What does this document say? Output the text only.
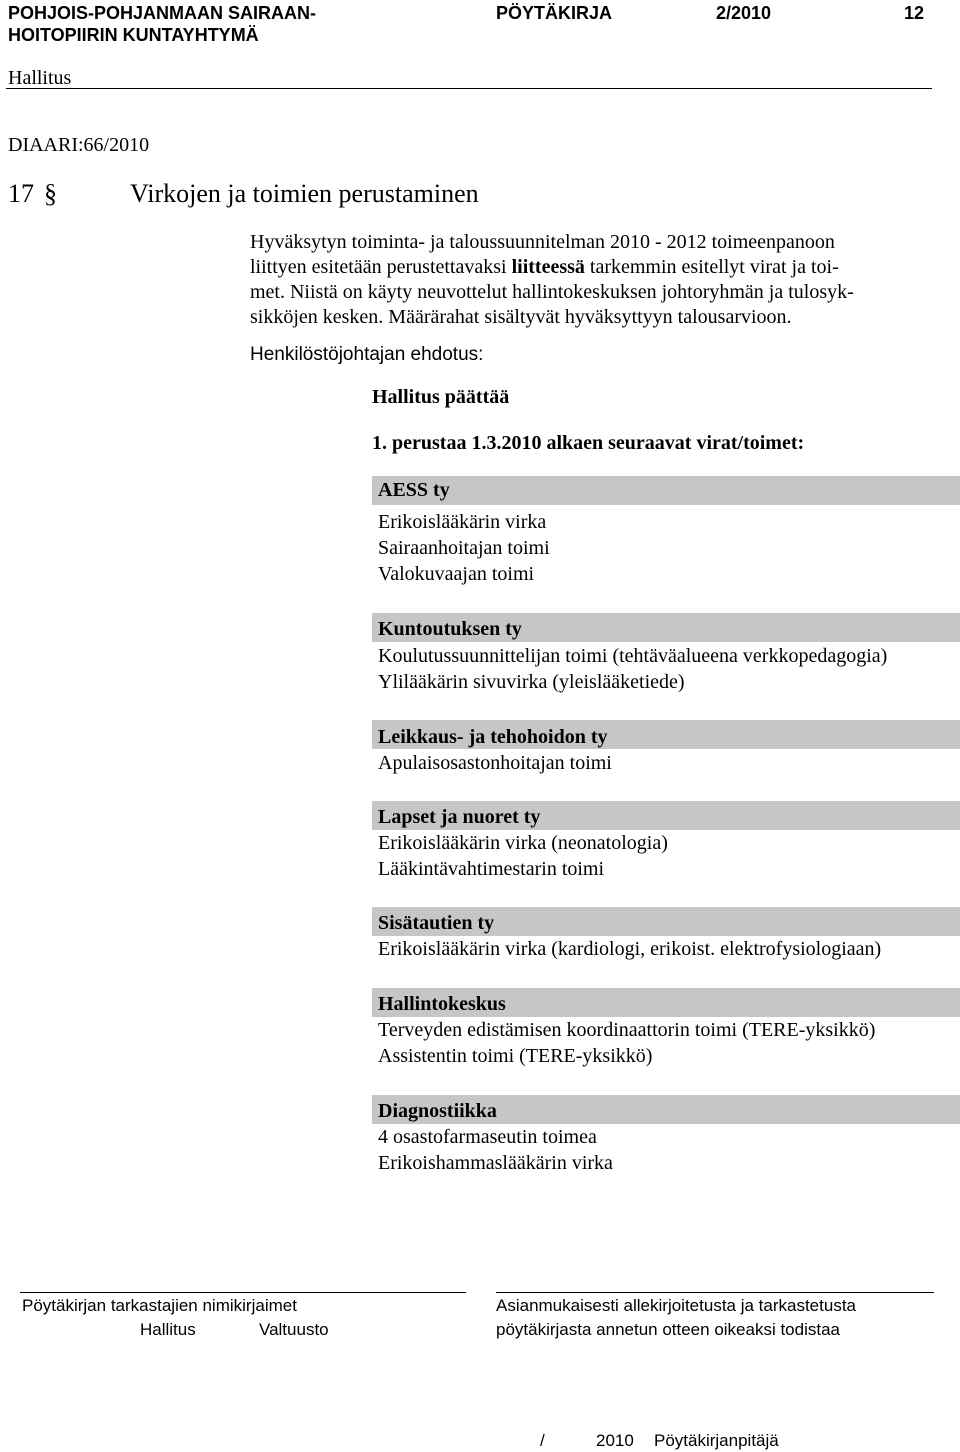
POHJOIS-POHJANMAAN SAIRAAN-
HOITOPIIRIN KUNTAYHTYMÄ
PÖYTÄKIRJA	2/2010	12
Hallitus
DIAARI:66/2010
17 §	Virkojen ja toimien perustaminen
Hyväksytyn toiminta- ja taloussuunnitelman 2010 - 2012 toimeenpanoon
liittyen esitetään perustettavaksi liitteessä tarkemmin esitellyt virat ja toi-
met. Niistä on käyty neuvottelut hallintokeskuksen johtoryhmän ja tulosyk-
sikköjen kesken. Määrärahat sisältyvät hyväksyttyyn talousarvioon.
Henkilöstöjohtajan ehdotus:
Hallitus päättää
1. perustaa 1.3.2010 alkaen seuraavat virat/toimet:
AESS ty
Erikoislääkärin virka
Sairaanhoitajan toimi
Valokuvaajan toimi
Kuntoutuksen ty
Koulutussuunnittelijan toimi (tehtäväalueena verkkopedagogia)
Ylilääkärin sivuvirka (yleislääketiede)
Leikkaus- ja tehohoidon ty
Apulaisosastonhoitajan toimi
Lapset ja nuoret ty
Erikoislääkärin virka (neonatologia)
Lääkintävahtimestarin toimi
Sisätautien ty
Erikoislääkärin virka (kardiologi, erikoist. elektrofysiologiaan)
Hallintokeskus
Terveyden edistämisen koordinaattorin toimi (TERE-yksikkö)
Assistentin toimi (TERE-yksikkö)
Diagnostiikka
4 osastofarmaseutin toimea
Erikoishammaslääkärin virka
Pöytäkirjan tarkastajien nimikirjaimet
Hallitus	Valtuusto
Asianmukaisesti allekirjoitetusta ja tarkastetusta
pöytäkirjasta annetun otteen oikeaksi todistaa
/	2010 Pöytäkirjanpitäjä
